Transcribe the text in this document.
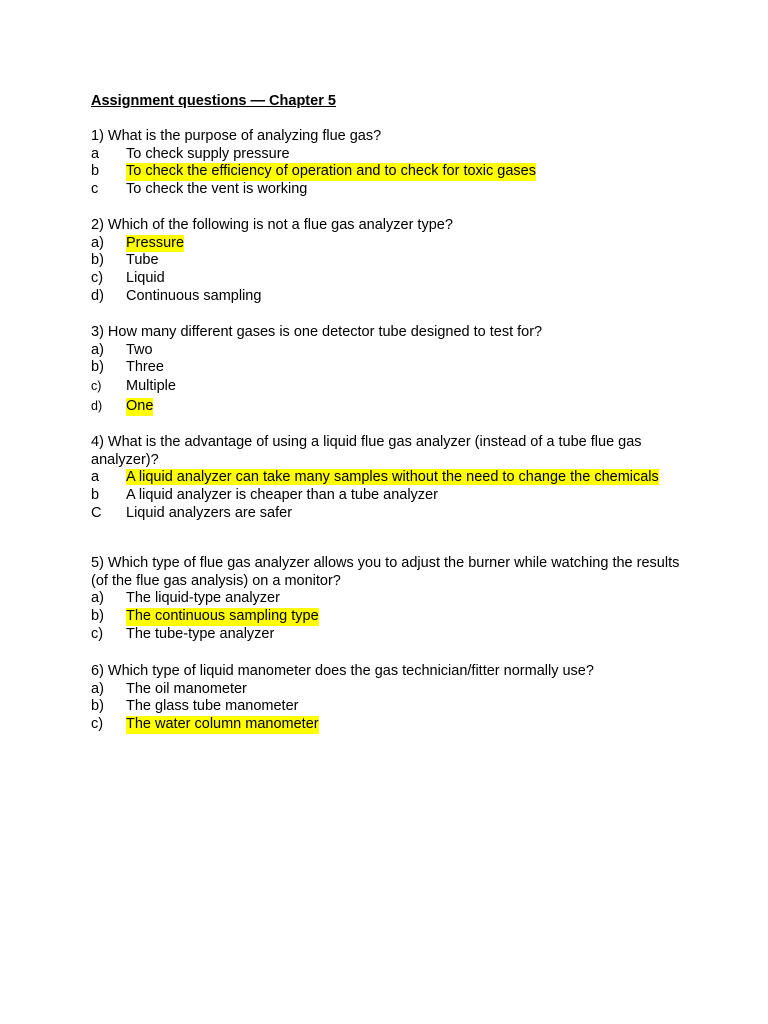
Assignment questions — Chapter 5
1) What is the purpose of analyzing flue gas?
a	To check supply pressure
b	To check the efficiency of operation and to check for toxic gases
c	To check the vent is working
2) Which of the following is not a flue gas analyzer type?
a)	Pressure
b)	Tube
c)	Liquid
d)	Continuous sampling
3) How many different gases is one detector tube designed to test for?
a)	Two
b)	Three
c)	Multiple
d)	One
4) What is the advantage of using a liquid flue gas analyzer (instead of a tube flue gas analyzer)?
a A liquid analyzer can take many samples without the need to change the chemicals
b	A liquid analyzer is cheaper than a tube analyzer
C	Liquid analyzers are safer
5) Which type of flue gas analyzer allows you to adjust the burner while watching the results (of the flue gas analysis) on a monitor?
a)	The liquid-type analyzer
b)	The continuous sampling type
c)	The tube-type analyzer
6) Which type of liquid manometer does the gas technician/fitter normally use?
a)	The oil manometer
b)	The glass tube manometer
c)	The water column manometer
